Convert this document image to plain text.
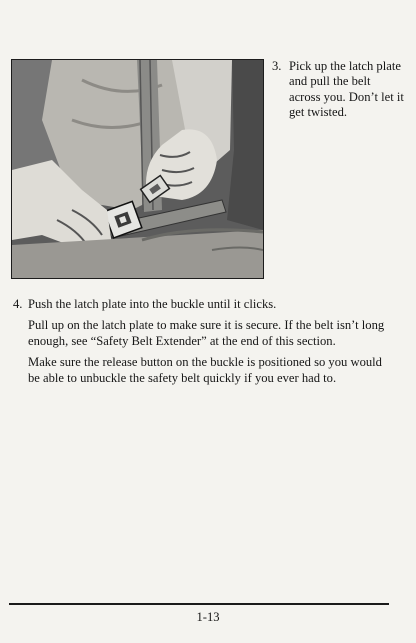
3. Pick up the latch plate and pull the belt across you. Don’t let it get twisted.
4. Push the latch plate into the buckle until it clicks.
Pull up on the latch plate to make sure it is secure. If the belt isn’t long enough, see “Safety Belt Extender” at the end of this section.
Make sure the release button on the buckle is positioned so you would be able to unbuckle the safety belt quickly if you ever had to.
1-13
